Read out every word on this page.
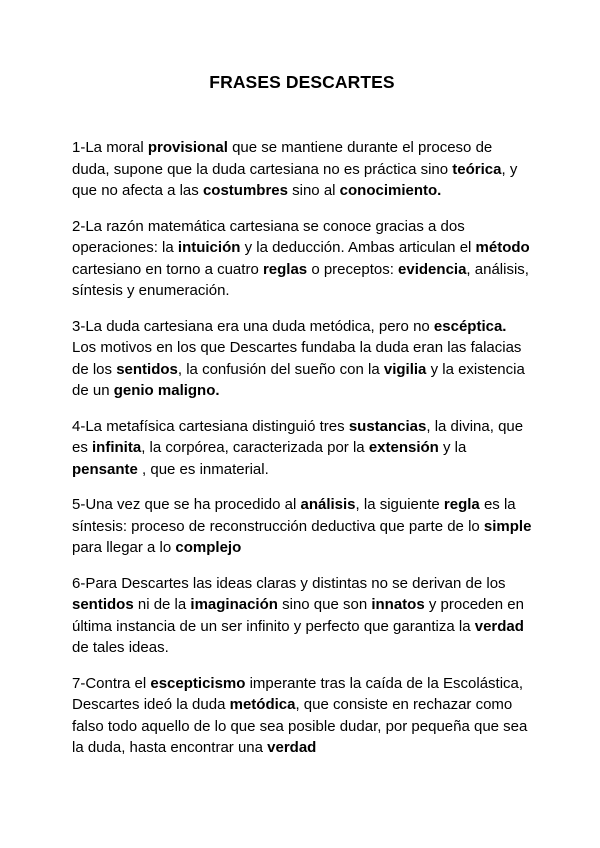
FRASES DESCARTES

1-La moral provisional que se mantiene durante el proceso de duda, supone que la duda cartesiana no es práctica sino teórica, y que no afecta a las costumbres sino al conocimiento.

2-La razón matemática cartesiana se conoce gracias a dos operaciones: la intuición y la deducción. Ambas articulan el método cartesiano en torno a cuatro reglas o preceptos: evidencia, análisis, síntesis y enumeración.

3-La duda cartesiana era una duda metódica, pero no escéptica. Los motivos en los que Descartes fundaba la duda eran las falacias de los sentidos, la confusión del sueño con la vigilia y la existencia de un genio maligno.

4-La metafísica cartesiana distinguió tres sustancias, la divina, que es infinita, la corpórea, caracterizada por la extensión y la pensante , que es inmaterial.

5-Una vez que se ha procedido al análisis, la siguiente regla es la síntesis: proceso de reconstrucción deductiva que parte de lo simple para llegar a lo complejo

6-Para Descartes las ideas claras y distintas no se derivan de los sentidos ni de la imaginación sino que son innatos y proceden en última instancia de un ser infinito y perfecto que garantiza la verdad de tales ideas.

7-Contra el escepticismo imperante tras la caída de la Escolástica, Descartes ideó la duda metódica, que consiste en rechazar como falso todo aquello de lo que sea posible dudar, por pequeña que sea la duda, hasta encontrar una verdad
